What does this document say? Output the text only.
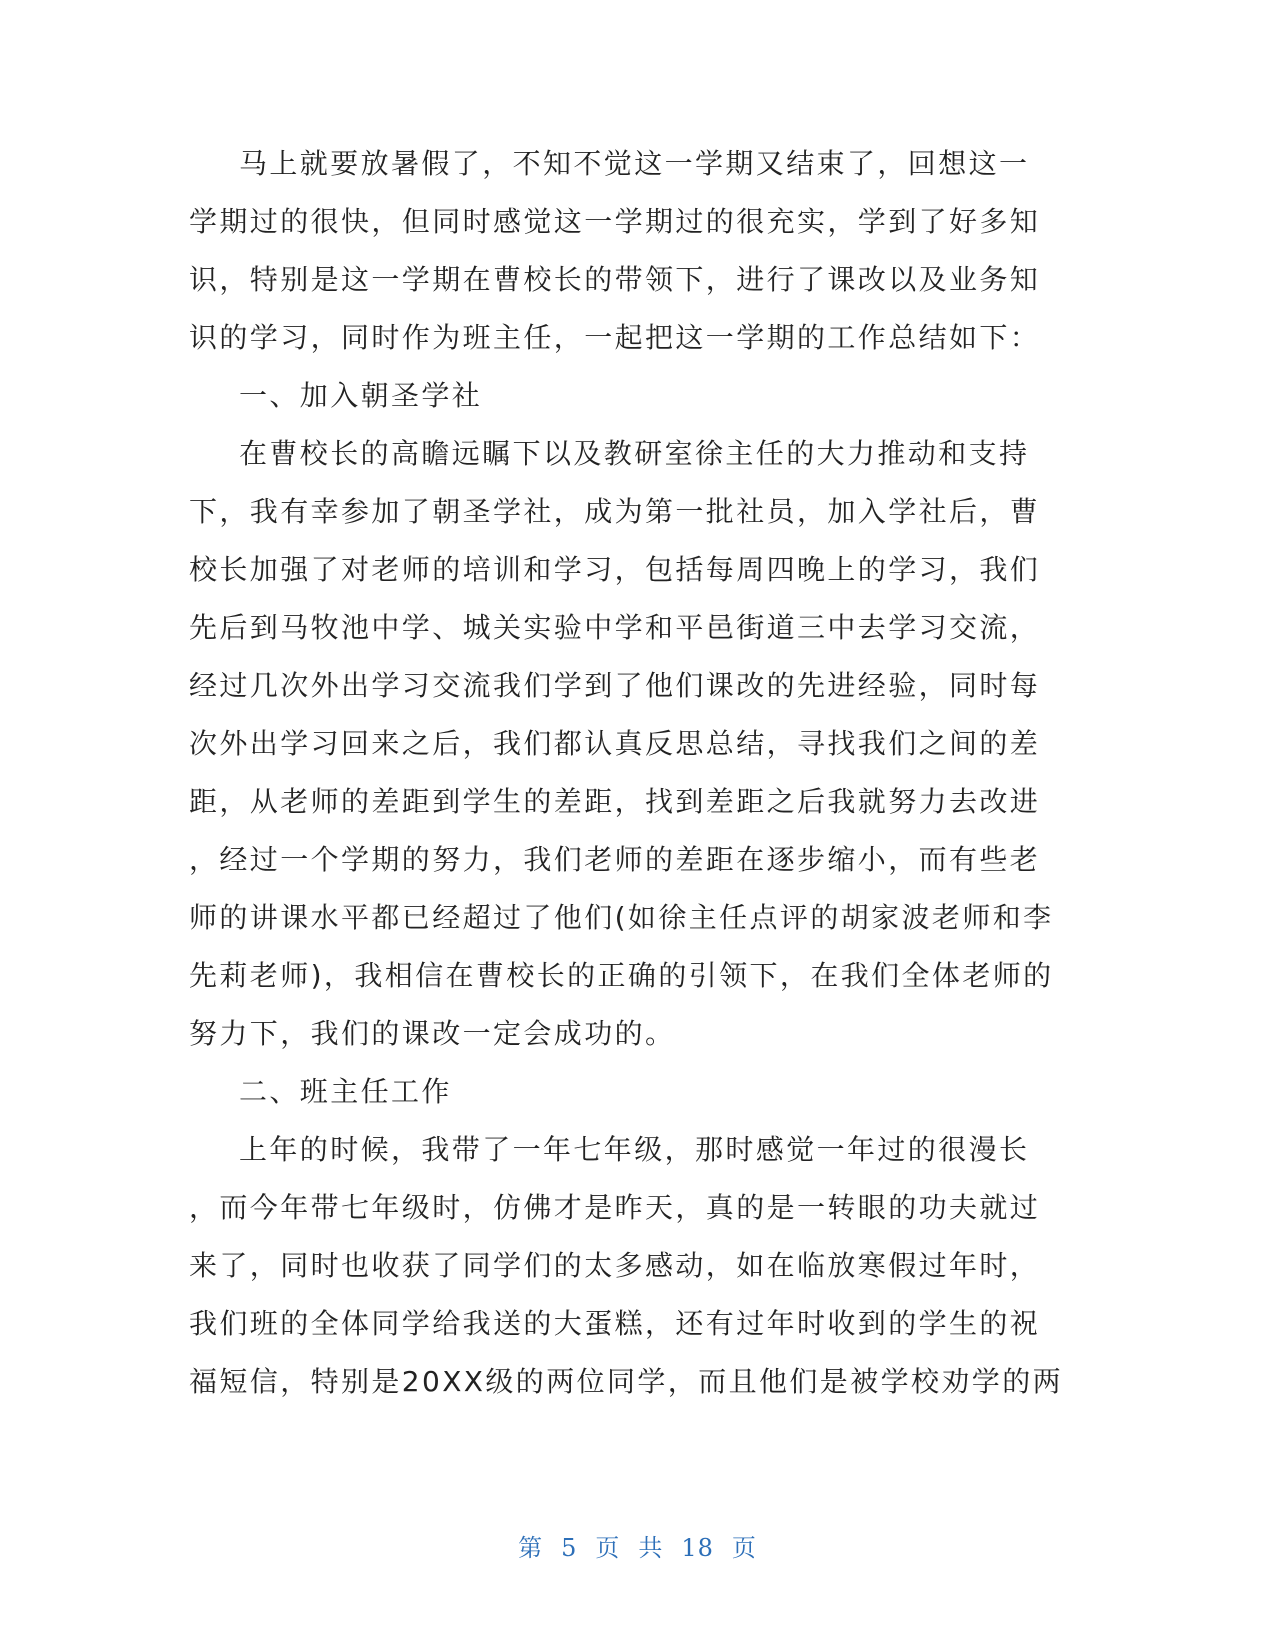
马上就要放暑假了，不知不觉这一学期又结束了，回想这一
学期过的很快，但同时感觉这一学期过的很充实，学到了好多知
识，特别是这一学期在曹校长的带领下，进行了课改以及业务知
识的学习，同时作为班主任，一起把这一学期的工作总结如下：
一、加入朝圣学社
在曹校长的高瞻远瞩下以及教研室徐主任的大力推动和支持
下，我有幸参加了朝圣学社，成为第一批社员，加入学社后，曹
校长加强了对老师的培训和学习，包括每周四晚上的学习，我们
先后到马牧池中学、城关实验中学和平邑街道三中去学习交流，
经过几次外出学习交流我们学到了他们课改的先进经验，同时每
次外出学习回来之后，我们都认真反思总结，寻找我们之间的差
距，从老师的差距到学生的差距，找到差距之后我就努力去改进
，经过一个学期的努力，我们老师的差距在逐步缩小，而有些老
师的讲课水平都已经超过了他们(如徐主任点评的胡家波老师和李
先莉老师)，我相信在曹校长的正确的引领下，在我们全体老师的
努力下，我们的课改一定会成功的。
二、班主任工作
上年的时候，我带了一年七年级，那时感觉一年过的很漫长
，而今年带七年级时，仿佛才是昨天，真的是一转眼的功夫就过
来了，同时也收获了同学们的太多感动，如在临放寒假过年时，
我们班的全体同学给我送的大蛋糕，还有过年时收到的学生的祝
福短信，特别是20XX级的两位同学，而且他们是被学校劝学的两
第 5 页 共 18 页
